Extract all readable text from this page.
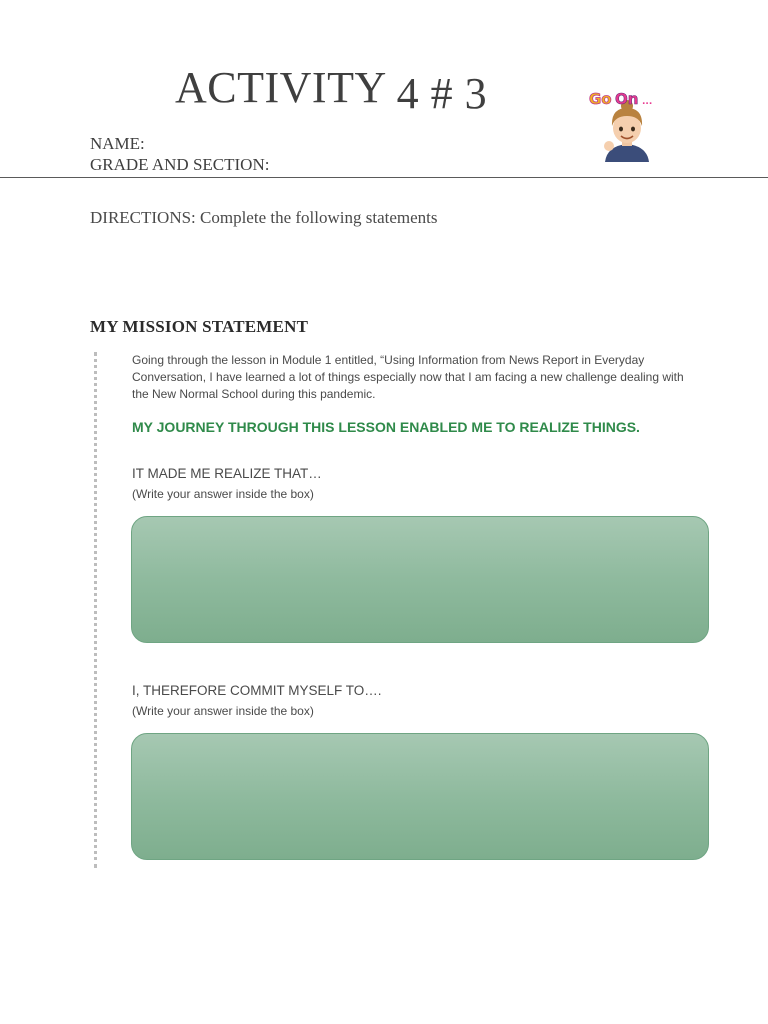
ACTIVITY 4 # 3	Go On ...
NAME:
GRADE AND SECTION:
DIRECTIONS: Complete the following statements
MY MISSION STATEMENT
Going through the lesson in Module 1 entitled, “Using Information from News Report in Everyday Conversation, I have learned a lot of things especially now that I am facing a new challenge dealing with the New Normal School during this pandemic.
MY JOURNEY THROUGH THIS LESSON ENABLED ME TO REALIZE THINGS.
IT MADE ME REALIZE THAT…
(Write your answer inside the box)
I, THEREFORE COMMIT MYSELF TO….
(Write your answer inside the box)
